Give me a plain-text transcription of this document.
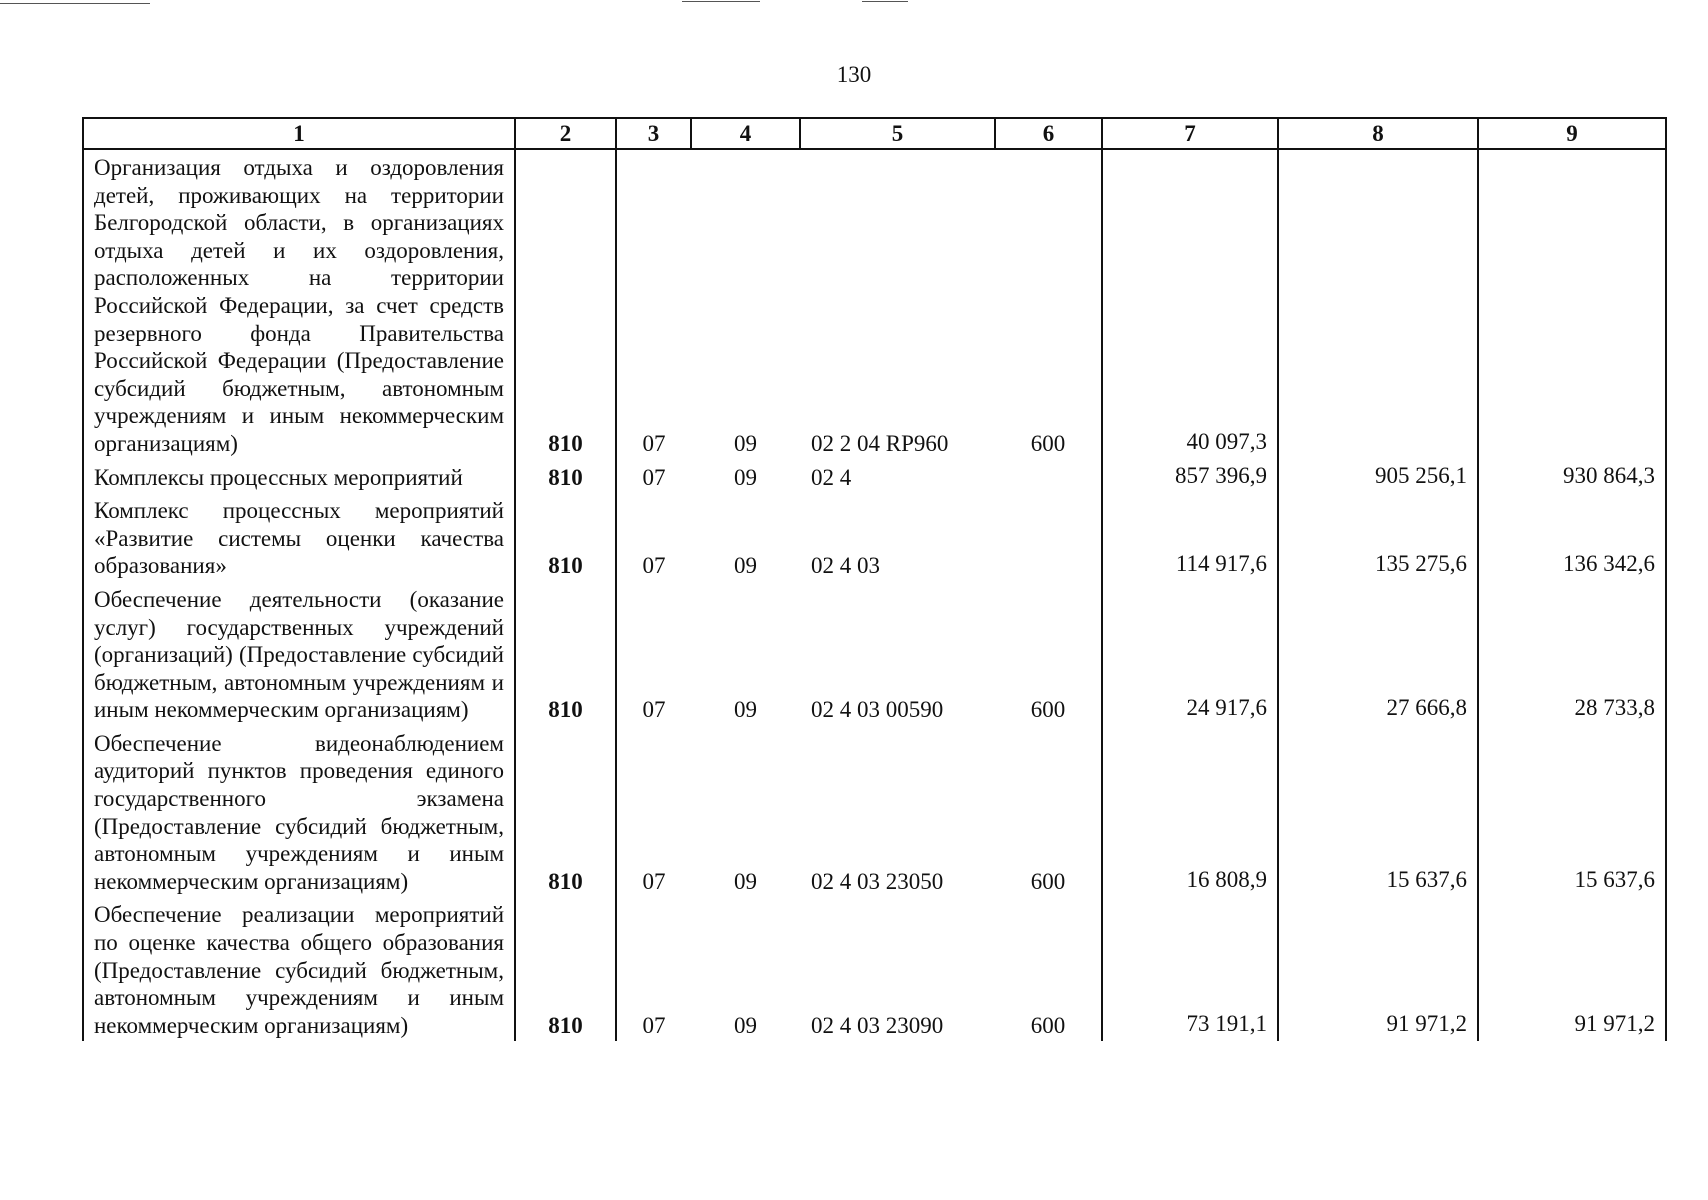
130
1	2	3	4	5	6	7	8	9
Организация отдыха и оздоровления детей, проживающих на территории Белгородской области, в организациях отдыха детей и их оздоровления, расположенных на территории Российской Федерации, за счет средств резервного фонда Правительства Российской Федерации (Предоставление субсидий бюджетным, автономным учреждениям и иным некоммерческим организациям)	810	07	09	02 2 04 RР960	600	40 097,3		
Комплексы процессных мероприятий	810	07	09	02 4		857 396,9	905 256,1	930 864,3
Комплекс процессных мероприятий «Развитие системы оценки качества образования»	810	07	09	02 4 03		114 917,6	135 275,6	136 342,6
Обеспечение деятельности (оказание услуг) государственных учреждений (организаций) (Предоставление субсидий бюджетным, автономным учреждениям и иным некоммерческим организациям)	810	07	09	02 4 03 00590	600	24 917,6	27 666,8	28 733,8
Обеспечение видеонаблюдением аудиторий пунктов проведения единого государственного экзамена (Предоставление субсидий бюджетным, автономным учреждениям и иным некоммерческим организациям)	810	07	09	02 4 03 23050	600	16 808,9	15 637,6	15 637,6
Обеспечение реализации мероприятий по оценке качества общего образования (Предоставление субсидий бюджетным, автономным учреждениям и иным некоммерческим организациям)	810	07	09	02 4 03 23090	600	73 191,1	91 971,2	91 971,2
